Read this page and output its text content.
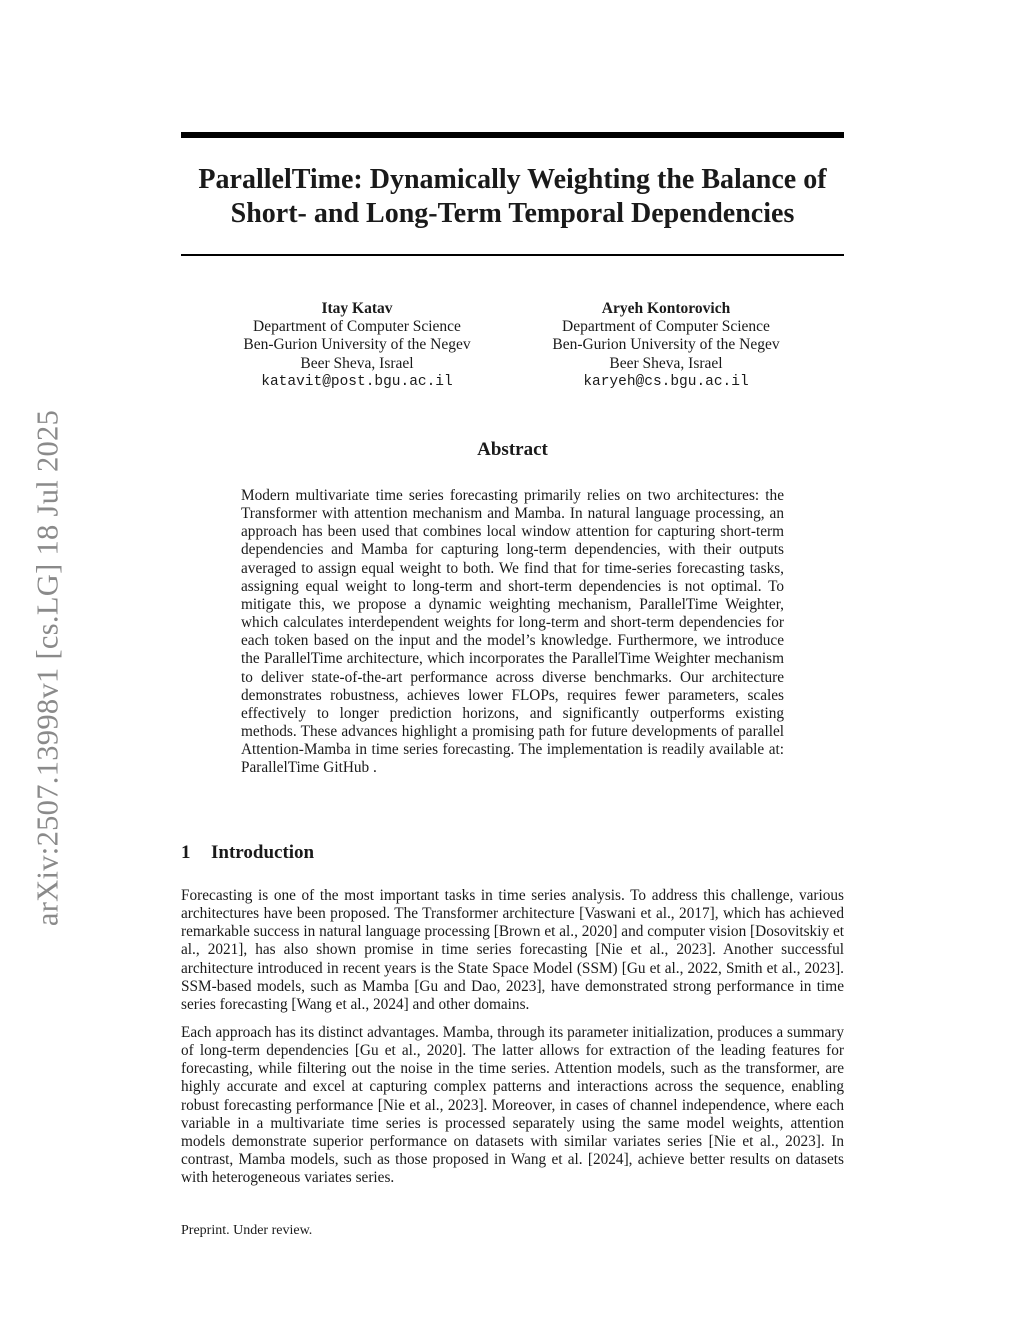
arXiv:2507.13998v1 [cs.LG] 18 Jul 2025
ParallelTime: Dynamically Weighting the Balance of
Short- and Long-Term Temporal Dependencies
Itay Katav
Department of Computer Science
Ben-Gurion University of the Negev
Beer Sheva, Israel
katavit@post.bgu.ac.il
Aryeh Kontorovich
Department of Computer Science
Ben-Gurion University of the Negev
Beer Sheva, Israel
karyeh@cs.bgu.ac.il
Abstract

Modern multivariate time series forecasting primarily relies on two architectures: the Transformer with attention mechanism and Mamba. In natural language processing, an approach has been used that combines local window attention for capturing short-term dependencies and Mamba for capturing long-term dependencies, with their outputs averaged to assign equal weight to both. We find that for time-series forecasting tasks, assigning equal weight to long-term and short-term dependencies is not optimal. To mitigate this, we propose a dynamic weighting mechanism, ParallelTime Weighter, which calculates interdependent weights for long-term and short-term dependencies for each token based on the input and the model’s knowledge. Furthermore, we introduce the ParallelTime architecture, which incorporates the ParallelTime Weighter mechanism to deliver state-of-the-art performance across diverse benchmarks. Our architecture demonstrates robustness, achieves lower FLOPs, requires fewer parameters, scales effectively to longer prediction horizons, and significantly outperforms existing methods. These advances highlight a promising path for future developments of parallel Attention-Mamba in time series forecasting. The implementation is readily available at: ParallelTime GitHub .

1 Introduction

Forecasting is one of the most important tasks in time series analysis. To address this challenge, various architectures have been proposed. The Transformer architecture [Vaswani et al., 2017], which has achieved remarkable success in natural language processing [Brown et al., 2020] and computer vision [Dosovitskiy et al., 2021], has also shown promise in time series forecasting [Nie et al., 2023]. Another successful architecture introduced in recent years is the State Space Model (SSM) [Gu et al., 2022, Smith et al., 2023]. SSM-based models, such as Mamba [Gu and Dao, 2023], have demonstrated strong performance in time series forecasting [Wang et al., 2024] and other domains.

Each approach has its distinct advantages. Mamba, through its parameter initialization, produces a summary of long-term dependencies [Gu et al., 2020]. The latter allows for extraction of the leading features for forecasting, while filtering out the noise in the time series. Attention models, such as the transformer, are highly accurate and excel at capturing complex patterns and interactions across the sequence, enabling robust forecasting performance [Nie et al., 2023]. Moreover, in cases of channel independence, where each variable in a multivariate time series is processed separately using the same model weights, attention models demonstrate superior performance on datasets with similar variates series [Nie et al., 2023]. In contrast, Mamba models, such as those proposed in Wang et al. [2024], achieve better results on datasets with heterogeneous variates series.

Preprint. Under review.
